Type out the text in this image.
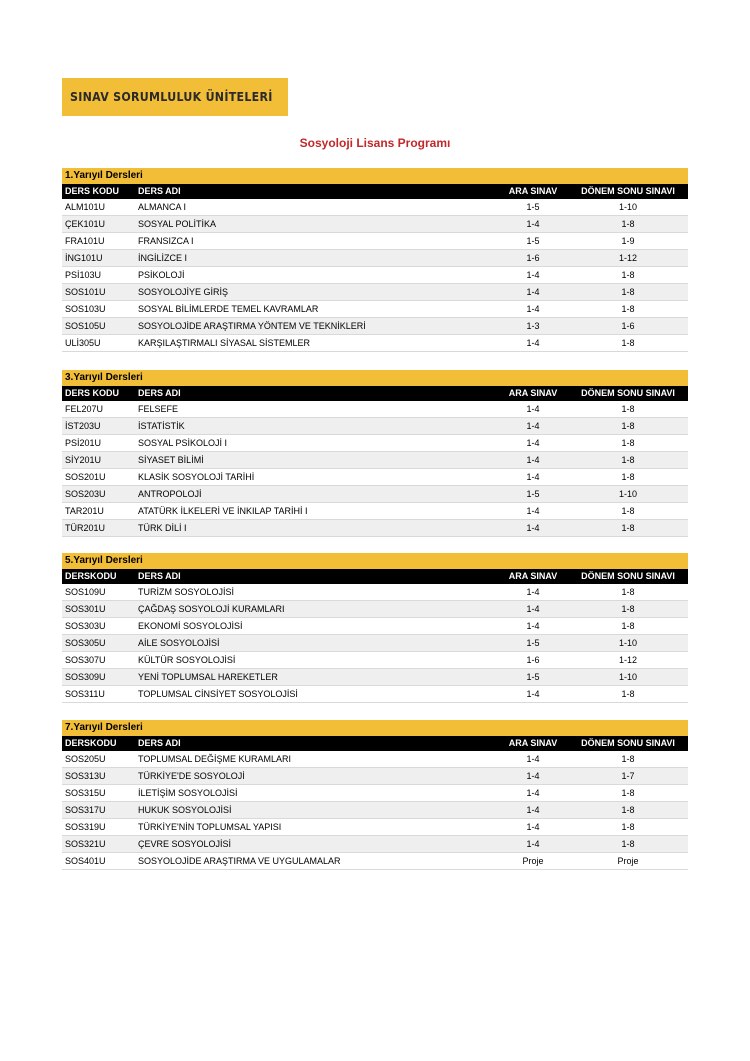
SINAV SORUMLULUK ÜNİTELERİ
Sosyoloji Lisans Programı
1.Yarıyıl Dersleri
DERS KODU	DERS ADI	ARA SINAV	DÖNEM SONU SINAVI
ALM101U	ALMANCA I	1-5	1-10
ÇEK101U	SOSYAL POLİTİKA	1-4	1-8
FRA101U	FRANSIZCA I	1-5	1-9
İNG101U	İNGİLİZCE I	1-6	1-12
PSİ103U	PSİKOLOJİ	1-4	1-8
SOS101U	SOSYOLOJİYE GİRİŞ	1-4	1-8
SOS103U	SOSYAL BİLİMLERDE TEMEL KAVRAMLAR	1-4	1-8
SOS105U	SOSYOLOJİDE ARAŞTIRMA YÖNTEM VE TEKNİKLERİ	1-3	1-6
ULİ305U	KARŞILAŞTIRMALI SİYASAL SİSTEMLER	1-4	1-8
3.Yarıyıl Dersleri
DERS KODU	DERS ADI	ARA SINAV	DÖNEM SONU SINAVI
FEL207U	FELSEFE	1-4	1-8
İST203U	İSTATİSTİK	1-4	1-8
PSİ201U	SOSYAL PSİKOLOJİ I	1-4	1-8
SİY201U	SİYASET BİLİMİ	1-4	1-8
SOS201U	KLASİK SOSYOLOJİ TARİHİ	1-4	1-8
SOS203U	ANTROPOLOJİ	1-5	1-10
TAR201U	ATATÜRK İLKELERİ VE İNKILAP TARİHİ I	1-4	1-8
TÜR201U	TÜRK DİLİ I	1-4	1-8
5.Yarıyıl Dersleri
DERSKODU	DERS ADI	ARA SINAV	DÖNEM SONU SINAVI
SOS109U	TURİZM SOSYOLOJİSİ	1-4	1-8
SOS301U	ÇAĞDAŞ SOSYOLOJİ KURAMLARI	1-4	1-8
SOS303U	EKONOMİ SOSYOLOJİSİ	1-4	1-8
SOS305U	AİLE SOSYOLOJİSİ	1-5	1-10
SOS307U	KÜLTÜR SOSYOLOJİSİ	1-6	1-12
SOS309U	YENİ TOPLUMSAL HAREKETLER	1-5	1-10
SOS311U	TOPLUMSAL CİNSİYET SOSYOLOJİSİ	1-4	1-8
7.Yarıyıl Dersleri
DERSKODU	DERS ADI	ARA SINAV	DÖNEM SONU SINAVI
SOS205U	TOPLUMSAL DEĞİŞME KURAMLARI	1-4	1-8
SOS313U	TÜRKİYE'DE SOSYOLOJİ	1-4	1-7
SOS315U	İLETİŞİM SOSYOLOJİSİ	1-4	1-8
SOS317U	HUKUK SOSYOLOJİSİ	1-4	1-8
SOS319U	TÜRKİYE'NİN TOPLUMSAL YAPISI	1-4	1-8
SOS321U	ÇEVRE SOSYOLOJİSİ	1-4	1-8
SOS401U	SOSYOLOJİDE ARAŞTIRMA VE UYGULAMALAR	Proje	Proje
